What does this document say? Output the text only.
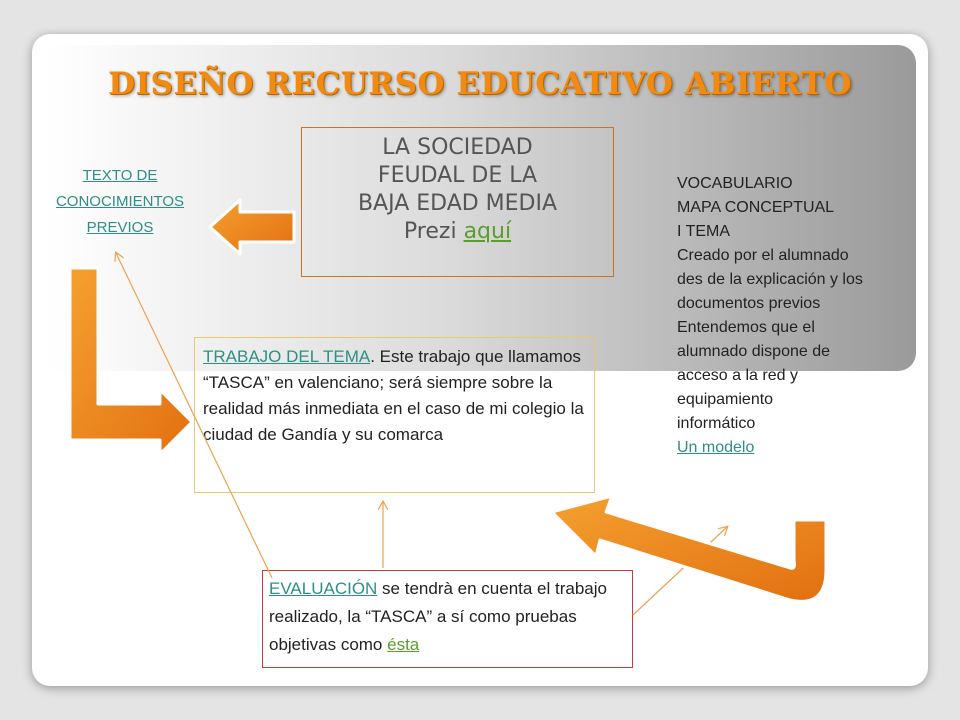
DISEÑO RECURSO EDUCATIVO ABIERTO
LA SOCIEDAD
FEUDAL DE LA
BAJA EDAD MEDIA
Prezi aquí
TEXTO DE
CONOCIMIENTOS
PREVIOS
VOCABULARIO
MAPA CONCEPTUAL
I TEMA
Creado por el alumnado
des de la explicación y los
documentos previos
Entendemos que el
alumnado dispone de
acceso a la red y
equipamiento
informático
Un modelo
TRABAJO DEL TEMA. Este trabajo que llamamos “TASCA” en valenciano; será siempre sobre la realidad más inmediata en el caso de mi colegio la ciudad de Gandía y su comarca
EVALUACIÓN se tendrà en cuenta el trabajo realizado, la “TASCA” a sí como pruebas objetivas como ésta
